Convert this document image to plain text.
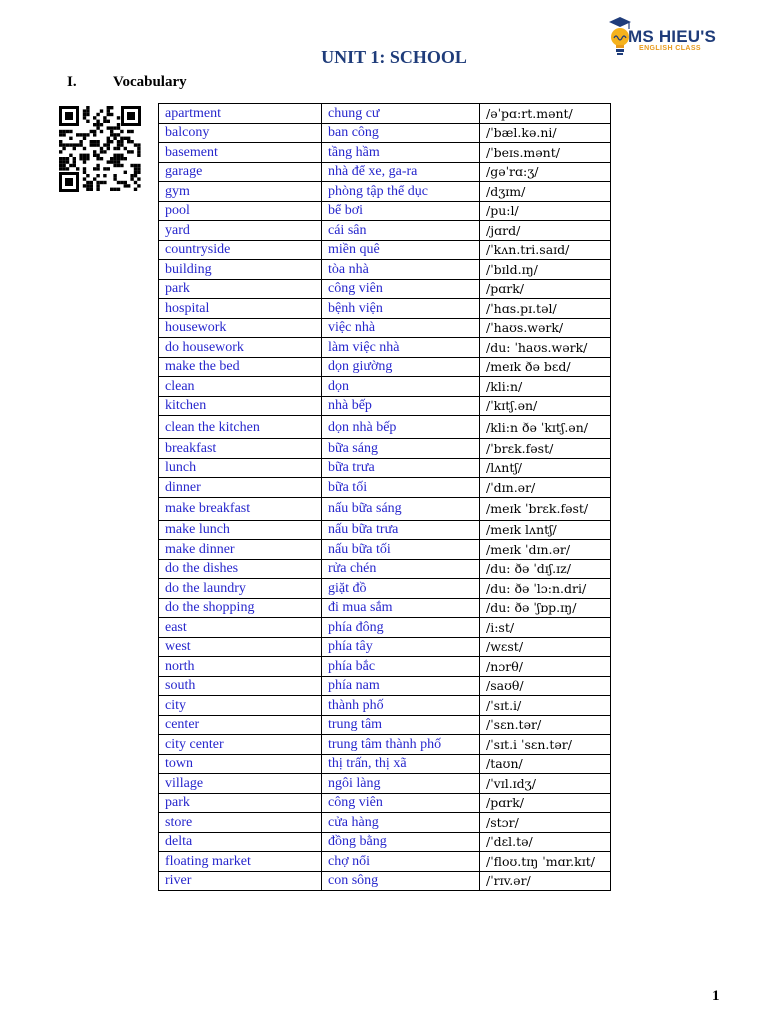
MS HIEU'S
ENGLISH CLASS
UNIT 1: SCHOOL
I. Vocabulary
apartment	chung cư	/əˈpɑ:rt.mənt/
balcony	ban công	/ˈbæl.kə.ni/
basement	tầng hầm	/ˈbeɪs.mənt/
garage	nhà để xe, ga-ra	/gəˈrɑ:ʒ/
gym	phòng tập thể dục	/dʒɪm/
pool	bể bơi	/pu:l/
yard	cái sân	/jɑrd/
countryside	miền quê	/ˈkʌn.tri.saɪd/
building	tòa nhà	/ˈbɪld.ɪŋ/
park	công viên	/pɑrk/
hospital	bệnh viện	/ˈhɑs.pɪ.təl/
housework	việc nhà	/ˈhaʊs.wərk/
do housework	làm việc nhà	/du: ˈhaʊs.wərk/
make the bed	dọn giường	/meɪk ðə bɛd/
clean	dọn	/kli:n/
kitchen	nhà bếp	/ˈkɪtʃ.ən/
clean the kitchen	dọn nhà bếp	/kli:n ðə ˈkɪtʃ.ən/
breakfast	bữa sáng	/ˈbrɛk.fəst/
lunch	bữa trưa	/lʌntʃ/
dinner	bữa tối	/ˈdɪn.ər/
make breakfast	nấu bữa sáng	/meɪk ˈbrɛk.fəst/
make lunch	nấu bữa trưa	/meɪk lʌntʃ/
make dinner	nấu bữa tối	/meɪk ˈdɪn.ər/
do the dishes	rửa chén	/du: ðə ˈdɪʃ.ɪz/
do the laundry	giặt đồ	/du: ðə ˈlɔ:n.dri/
do the shopping	đi mua sắm	/du: ðə ˈʃɒp.ɪŋ/
east	phía đông	/i:st/
west	phía tây	/wɛst/
north	phía bắc	/nɔrθ/
south	phía nam	/saʊθ/
city	thành phố	/ˈsɪt.i/
center	trung tâm	/ˈsɛn.tər/
city center	trung tâm thành phố	/ˈsɪt.i ˈsɛn.tər/
town	thị trấn, thị xã	/taʊn/
village	ngôi làng	/ˈvɪl.ɪdʒ/
park	công viên	/pɑrk/
store	cửa hàng	/stɔr/
delta	đồng bằng	/ˈdɛl.tə/
floating market	chợ nổi	/ˈfloʊ.tɪŋ ˈmɑr.kɪt/
river	con sông	/ˈrɪv.ər/
1
